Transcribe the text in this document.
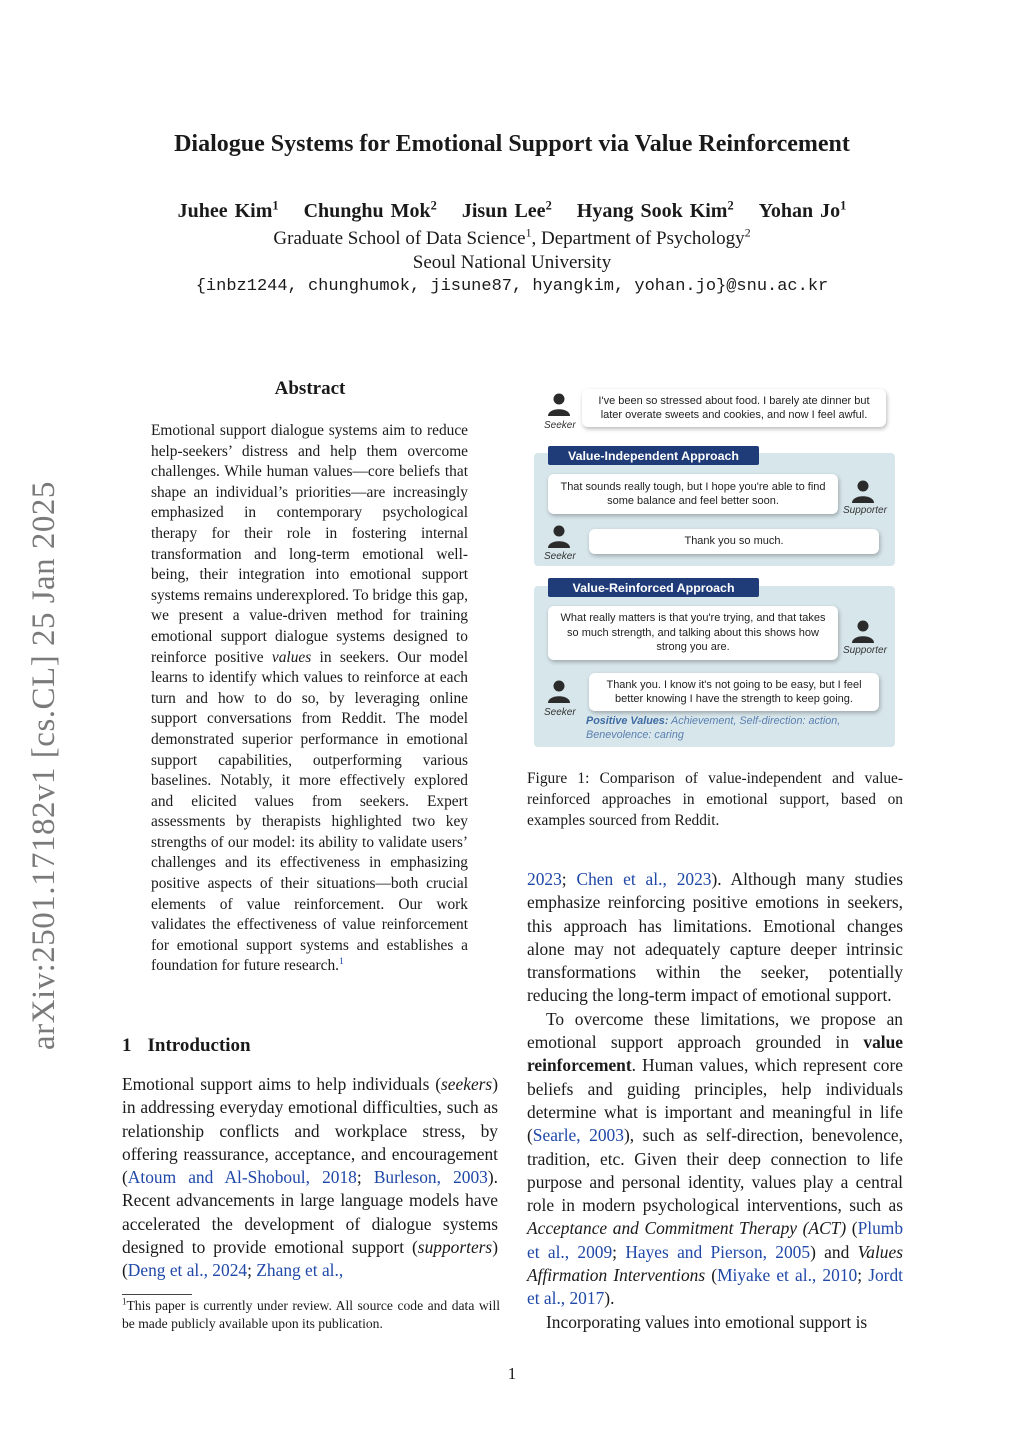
Dialogue Systems for Emotional Support via Value Reinforcement
Juhee Kim$^1$ Chunghu Mok$^2$ Jisun Lee$^2$ Hyang Sook Kim$^2$ Yohan Jo$^1$
Graduate School of Data Science$^1$, Department of Psychology$^2$
Seoul National University
{inbz1244, chunghumok, jisune87, hyangkim, yohan.jo}@snu.ac.kr
arXiv:2501.17182v1 [cs.CL] 25 Jan 2025
Abstract
Emotional support dialogue systems aim to reduce help-seekers’ distress and help them overcome challenges. While human values—core beliefs that shape an individual’s priorities—are increasingly emphasized in contemporary psychological therapy for their role in fostering internal transformation and long-term emotional well-being, their integration into emotional support systems remains underexplored. To bridge this gap, we present a value-driven method for training emotional support dialogue systems designed to reinforce positive values in seekers. Our model learns to identify which values to reinforce at each turn and how to do so, by leveraging online support conversations from Reddit. The model demonstrated superior performance in emotional support capabilities, outperforming various baselines. Notably, it more effectively explored and elicited values from seekers. Expert assessments by therapists highlighted two key strengths of our model: its ability to validate users’ challenges and its effectiveness in emphasizing positive aspects of their situations—both crucial elements of value reinforcement. Our work validates the effectiveness of value reinforcement for emotional support systems and establishes a foundation for future research.$^1$
1 Introduction
Emotional support aims to help individuals (seekers) in addressing everyday emotional difficulties, such as relationship conflicts and workplace stress, by offering reassurance, acceptance, and encouragement (Atoum and Al-Shoboul, 2018; Burleson, 2003). Recent advancements in large language models have accelerated the development of dialogue systems designed to provide emotional support (supporters) (Deng et al., 2024; Zhang et al.,
$^1$This paper is currently under review. All source code and data will be made publicly available upon its publication.

2023; Chen et al., 2023). Although many studies emphasize reinforcing positive emotions in seekers, this approach has limitations. Emotional changes alone may not adequately capture deeper intrinsic transformations within the seeker, potentially reducing the long-term impact of emotional support.

To overcome these limitations, we propose an emotional support approach grounded in value reinforcement. Human values, which represent core beliefs and guiding principles, help individuals determine what is important and meaningful in life (Searle, 2003), such as self-direction, benevolence, tradition, etc. Given their deep connection to life purpose and personal identity, values play a central role in modern psychological interventions, such as Acceptance and Commitment Therapy (ACT) (Plumb et al., 2009; Hayes and Pierson, 2005) and Values Affirmation Interventions (Miyake et al., 2010; Jordt et al., 2017).

Incorporating values into emotional support is

Seeker
I've been so stressed about food. I barely ate dinner but later overate sweets and cookies, and now I feel awful.
Value-Independent Approach
That sounds really tough, but I hope you're able to find some balance and feel better soon.
Supporter
Seeker
Thank you so much.
Value-Reinforced Approach
What really matters is that you're trying, and that takes so much strength, and talking about this shows how strong you are.	Supporter
Seeker
Thank you. I know it's not going to be easy, but I feel better knowing I have the strength to keep going.
Positive Values: Achievement, Self-direction: action, Benevolence: caring
Figure 1: Comparison of value-independent and value-reinforced approaches in emotional support, based on examples sourced from Reddit.
1
